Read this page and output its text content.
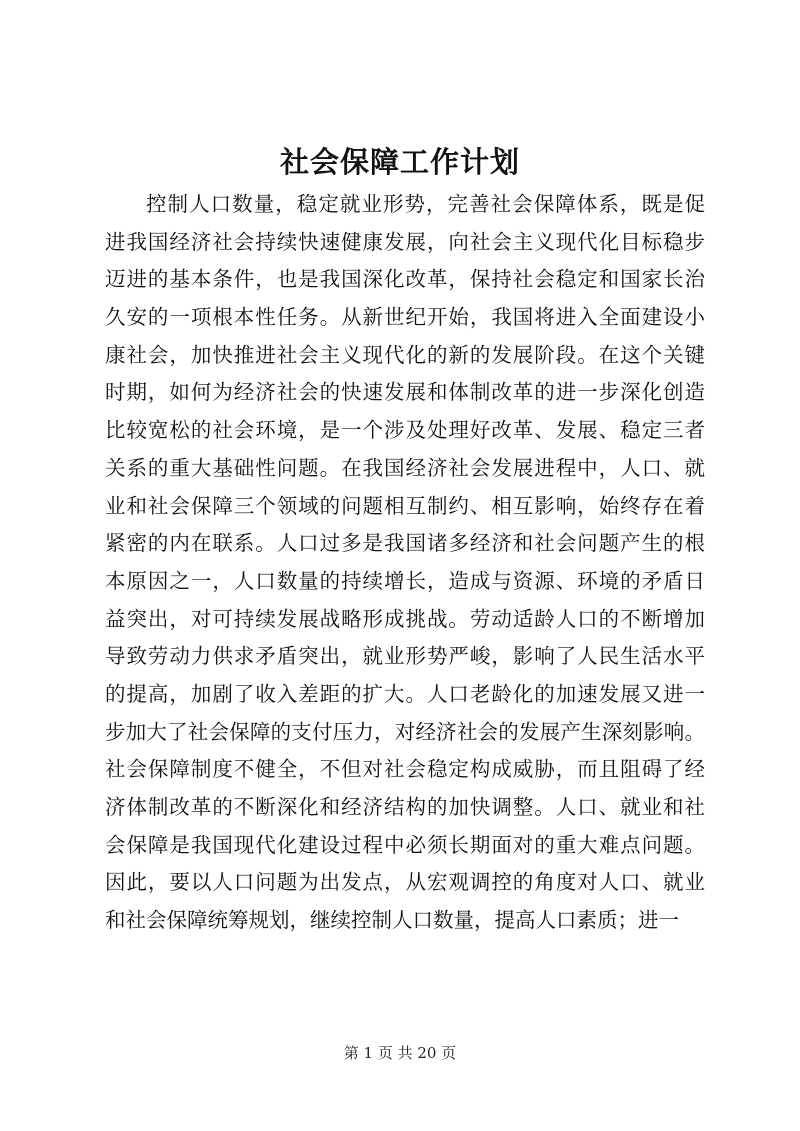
社会保障工作计划
控制人口数量，稳定就业形势，完善社会保障体系，既是促
进我国经济社会持续快速健康发展，向社会主义现代化目标稳步
迈进的基本条件，也是我国深化改革，保持社会稳定和国家长治
久安的一项根本性任务。从新世纪开始，我国将进入全面建设小
康社会，加快推进社会主义现代化的新的发展阶段。在这个关键
时期，如何为经济社会的快速发展和体制改革的进一步深化创造
比较宽松的社会环境，是一个涉及处理好改革、发展、稳定三者
关系的重大基础性问题。在我国经济社会发展进程中，人口、就
业和社会保障三个领域的问题相互制约、相互影响，始终存在着
紧密的内在联系。人口过多是我国诸多经济和社会问题产生的根
本原因之一，人口数量的持续增长，造成与资源、环境的矛盾日
益突出，对可持续发展战略形成挑战。劳动适龄人口的不断增加
导致劳动力供求矛盾突出，就业形势严峻，影响了人民生活水平
的提高，加剧了收入差距的扩大。人口老龄化的加速发展又进一
步加大了社会保障的支付压力，对经济社会的发展产生深刻影响。
社会保障制度不健全，不但对社会稳定构成威胁，而且阻碍了经
济体制改革的不断深化和经济结构的加快调整。人口、就业和社
会保障是我国现代化建设过程中必须长期面对的重大难点问题。
因此，要以人口问题为出发点，从宏观调控的角度对人口、就业
和社会保障统筹规划，继续控制人口数量，提高人口素质；进一
第 1 页 共 20 页
